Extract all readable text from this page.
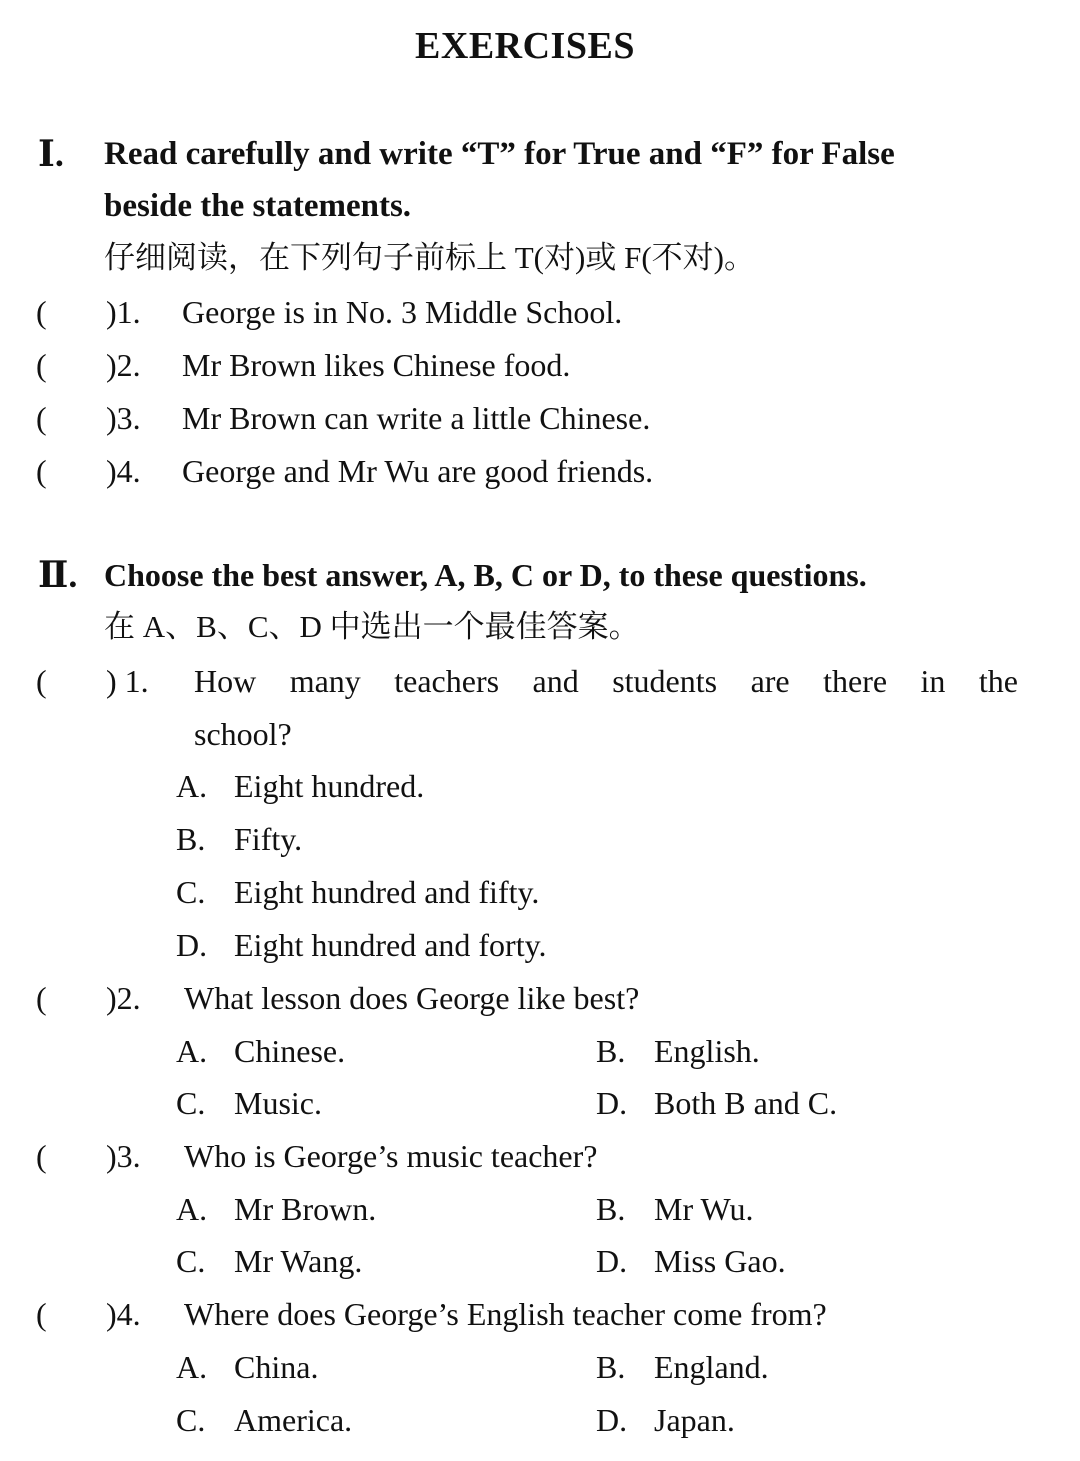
EXERCISES
Ⅰ. Read carefully and write “T” for True and “F” for False
beside the statements.
仔细阅读，在下列句子前标上 T(对)或 F(不对)。
( )1. George is in No. 3 Middle School.
( )2. Mr Brown likes Chinese food.
( )3. Mr Brown can write a little Chinese.
( )4. George and Mr Wu are good friends.
Ⅱ. Choose the best answer, A, B, C or D, to these questions.
在 A、B、C、D 中选出一个最佳答案。
( ) 1. How many teachers and students are there in the
school?
A. Eight hundred.
B. Fifty.
C. Eight hundred and fifty.
D. Eight hundred and forty.
( )2. What lesson does George like best?
A. Chinese.	B. English.
C. Music.	D. Both B and C.
( )3. Who is George’s music teacher?
A. Mr Brown.	B. Mr Wu.
C. Mr Wang.	D. Miss Gao.
( )4. Where does George’s English teacher come from?
A. China.	B. England.
C. America.	D. Japan.
